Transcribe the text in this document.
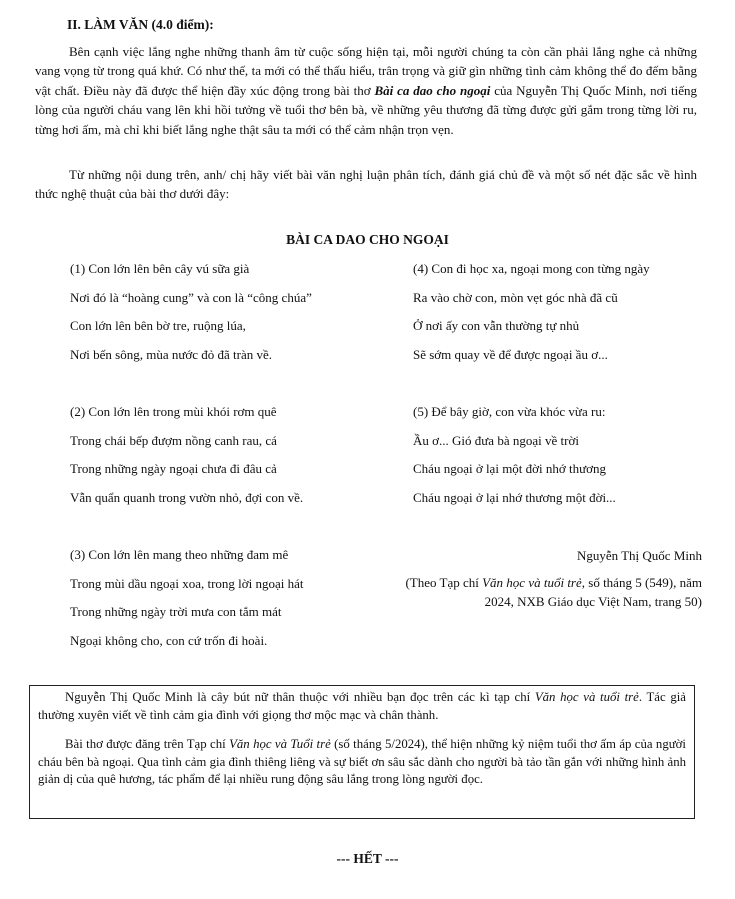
II. LÀM VĂN (4.0 điểm):

Bên cạnh việc lắng nghe những thanh âm từ cuộc sống hiện tại, mỗi người chúng ta còn cần phải lắng nghe cả những vang vọng từ trong quá khứ. Có như thế, ta mới có thể thấu hiểu, trân trọng và giữ gìn những tình cảm không thể đo đếm bằng vật chất. Điều này đã được thể hiện đầy xúc động trong bài thơ Bài ca dao cho ngoại của Nguyễn Thị Quốc Minh, nơi tiếng lòng của người cháu vang lên khi hồi tưởng về tuổi thơ bên bà, về những yêu thương đã từng được gửi gắm trong từng lời ru, từng hơi ấm, mà chỉ khi biết lắng nghe thật sâu ta mới có thể cảm nhận trọn vẹn.

Từ những nội dung trên, anh/ chị hãy viết bài văn nghị luận phân tích, đánh giá chủ đề và một số nét đặc sắc về hình thức nghệ thuật của bài thơ dưới đây:

BÀI CA DAO CHO NGOẠI
(1) Con lớn lên bên cây vú sữa già
Nơi đó là “hoàng cung” và con là “công chúa”
Con lớn lên bên bờ tre, ruộng lúa,
Nơi bến sông, mùa nước đỏ đã tràn về.
(2) Con lớn lên trong mùi khói rơm quê
Trong chái bếp đượm nồng canh rau, cá
Trong những ngày ngoại chưa đi đâu cả
Vẫn quẩn quanh trong vườn nhỏ, đợi con về.
(3) Con lớn lên mang theo những đam mê
Trong mùi dầu ngoại xoa, trong lời ngoại hát
Trong những ngày trời mưa con tắm mát
Ngoại không cho, con cứ trốn đi hoài.
(4) Con đi học xa, ngoại mong con từng ngày
Ra vào chờ con, mòn vẹt góc nhà đã cũ
Ở nơi ấy con vẫn thường tự nhủ
Sẽ sớm quay về để được ngoại ầu ơ...
(5) Để bây giờ, con vừa khóc vừa ru:
Ầu ơ... Gió đưa bà ngoại về trời
Cháu ngoại ở lại một đời nhớ thương
Cháu ngoại ở lại nhớ thương một đời...
Nguyễn Thị Quốc Minh
(Theo Tạp chí Văn học và tuổi trẻ, số tháng 5 (549), năm 2024, NXB Giáo dục Việt Nam, trang 50)

Nguyễn Thị Quốc Minh là cây bút nữ thân thuộc với nhiều bạn đọc trên các kì tạp chí Văn học và tuổi trẻ. Tác giả thường xuyên viết về tình cảm gia đình với giọng thơ mộc mạc và chân thành.

Bài thơ được đăng trên Tạp chí Văn học và Tuổi trẻ (số tháng 5/2024), thể hiện những kỷ niệm tuổi thơ ấm áp của người cháu bên bà ngoại. Qua tình cảm gia đình thiêng liêng và sự biết ơn sâu sắc dành cho người bà tảo tần gắn với những hình ảnh giản dị của quê hương, tác phẩm để lại nhiều rung động sâu lắng trong lòng người đọc.

--- HẾT ---
